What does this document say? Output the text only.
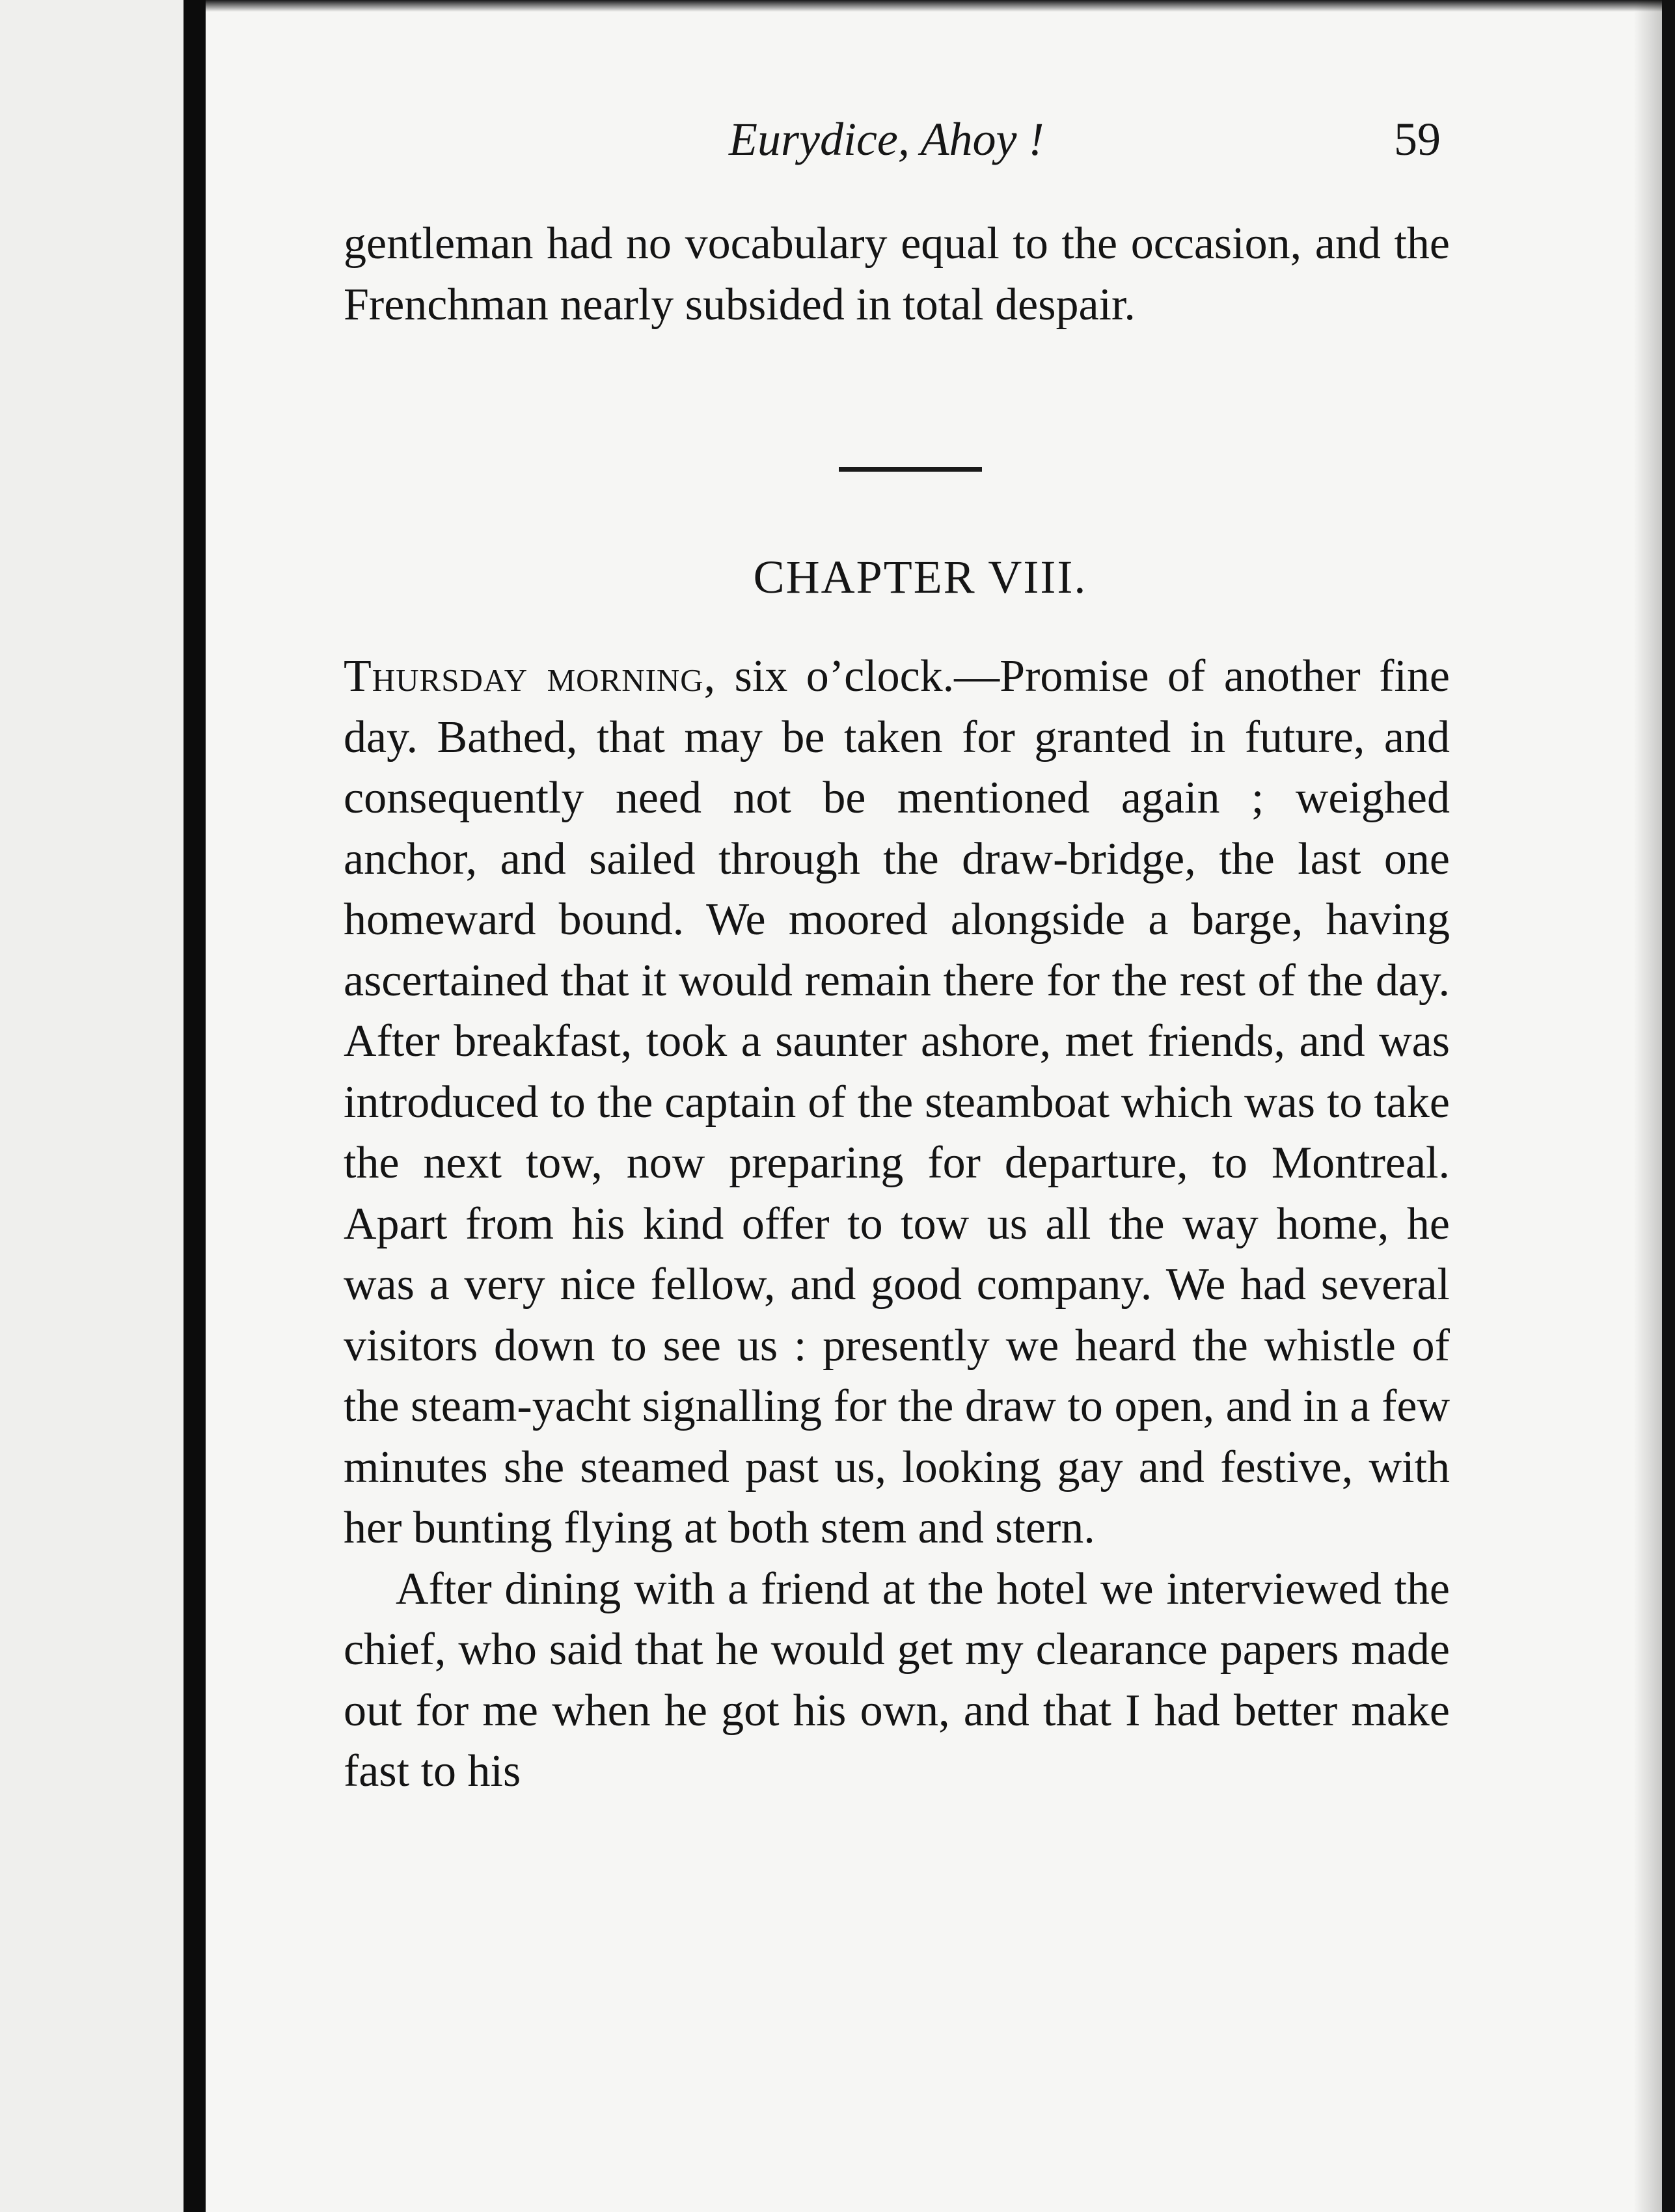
Eurydice, Ahoy !	59

gentleman had no vocabulary equal to the occasion, and the Frenchman nearly subsided in total despair.

CHAPTER VIII.

Thursday morning, six o’clock.—Promise of another fine day. Bathed, that may be taken for granted in future, and consequently need not be mentioned again ; weighed anchor, and sailed through the draw-bridge, the last one homeward bound. We moored alongside a barge, having ascertained that it would remain there for the rest of the day. After breakfast, took a saunter ashore, met friends, and was introduced to the captain of the steamboat which was to take the next tow, now preparing for departure, to Montreal. Apart from his kind offer to tow us all the way home, he was a very nice fellow, and good company. We had several visitors down to see us : presently we heard the whistle of the steam-yacht signalling for the draw to open, and in a few minutes she steamed past us, looking gay and festive, with her bunting flying at both stem and stern.

After dining with a friend at the hotel we interviewed the chief, who said that he would get my clearance papers made out for me when he got his own, and that I had better make fast to his
